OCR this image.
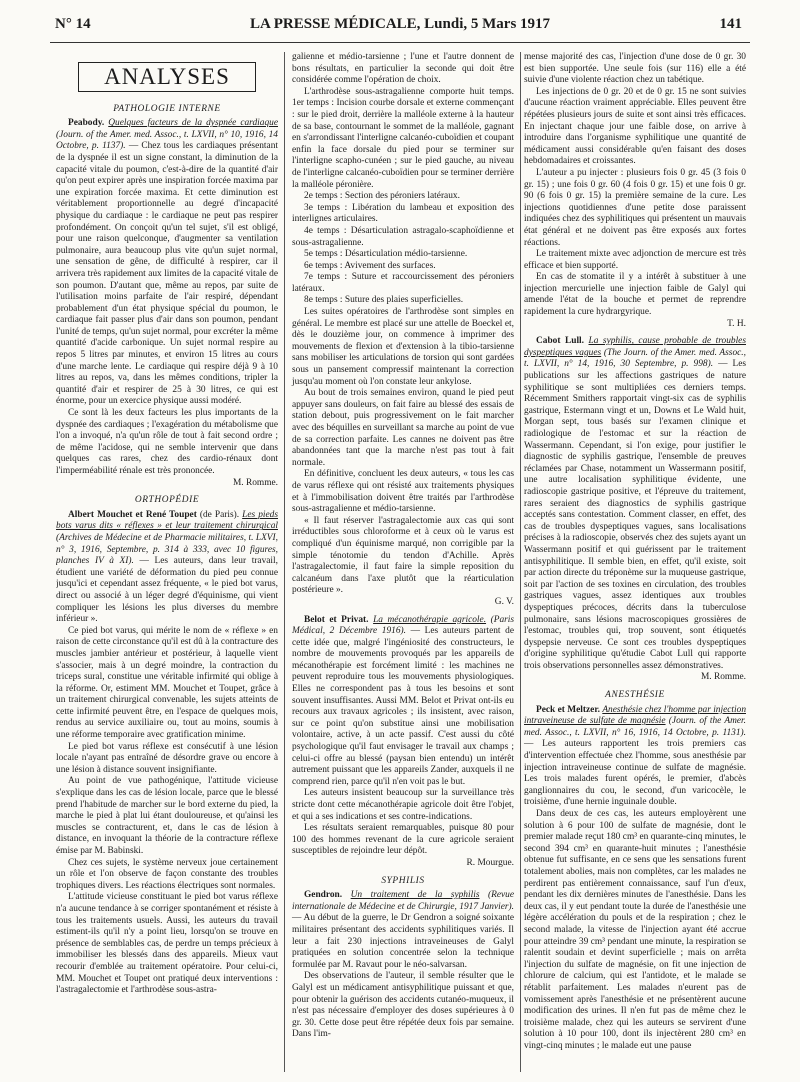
N° 14	LA PRESSE MÉDICALE, Lundi, 5 Mars 1917	141
ANALYSES
PATHOLOGIE INTERNE

Peabody. Quelques facteurs de la dyspnée cardiaque (Journ. of the Amer. med. Assoc., t. LXVII, n° 10, 1916, 14 Octobre, p. 1137). — Chez tous les cardiaques présentant de la dyspnée il est un signe constant, la diminution de la capacité vitale du poumon, c'est-à-dire de la quantité d'air qu'on peut expirer après une inspiration forcée maxima par une expiration forcée maxima. Et cette diminution est véritablement proportionnelle au degré d'incapacité physique du cardiaque : le cardiaque ne peut pas respirer profondément. On conçoit qu'un tel sujet, s'il est obligé, pour une raison quelconque, d'augmenter sa ventilation pulmonaire, aura beaucoup plus vite qu'un sujet normal, une sensation de gêne, de difficulté à respirer, car il arrivera très rapidement aux limites de la capacité vitale de son poumon. D'autant que, même au repos, par suite de l'utilisation moins parfaite de l'air respiré, dépendant probablement d'un état physique spécial du poumon, le cardiaque fait passer plus d'air dans son poumon, pendant l'unité de temps, qu'un sujet normal, pour excréter la même quantité d'acide carbonique. Un sujet normal respire au repos 5 litres par minutes, et environ 15 litres au cours d'une marche lente. Le cardiaque qui respire déjà 9 à 10 litres au repos, va, dans les mêmes conditions, tripler la quantité d'air et respirer de 25 à 30 litres, ce qui est énorme, pour un exercice physique aussi modéré.

Ce sont là les deux facteurs les plus importants de la dyspnée des cardiaques ; l'exagération du métabolisme que l'on a invoqué, n'a qu'un rôle de tout à fait second ordre ; de même l'acidose, qui ne semble intervenir que dans quelques cas rares, chez des cardio-rénaux dont l'imperméabilité rénale est très prononcée.

M. Romme.
ORTHOPÉDIE

Albert Mouchet et René Toupet (de Paris). Les pieds bots varus dits « réflexes » et leur traitement chirurgical (Archives de Médecine et de Pharmacie militaires, t. LXVI, n° 3, 1916, Septembre, p. 314 à 333, avec 10 figures, planches IV à XI). — Les auteurs, dans leur travail, étudient une variété de déformation du pied peu connue jusqu'ici et cependant assez fréquente, « le pied bot varus, direct ou associé à un léger degré d'équinisme, qui vient compliquer les lésions les plus diverses du membre inférieur ».

Ce pied bot varus, qui mérite le nom de « réflexe » en raison de cette circonstance qu'il est dû à la contracture des muscles jambier antérieur et postérieur, à laquelle vient s'associer, mais à un degré moindre, la contraction du triceps sural, constitue une véritable infirmité qui oblige à la réforme. Or, estiment MM. Mouchet et Toupet, grâce à un traitement chirurgical convenable, les sujets atteints de cette infirmité peuvent être, en l'espace de quelques mois, rendus au service auxiliaire ou, tout au moins, soumis à une réforme temporaire avec gratification minime.

Le pied bot varus réflexe est consécutif à une lésion locale n'ayant pas entraîné de désordre grave ou encore à une lésion à distance souvent insignifiante.

Au point de vue pathogénique, l'attitude vicieuse s'explique dans les cas de lésion locale, parce que le blessé prend l'habitude de marcher sur le bord externe du pied, la marche le pied à plat lui étant douloureuse, et qu'ainsi les muscles se contracturent, et, dans le cas de lésion à distance, en invoquant la théorie de la contracture réflexe émise par M. Babinski.

Chez ces sujets, le système nerveux joue certainement un rôle et l'on observe de façon constante des troubles trophiques divers. Les réactions électriques sont normales.

L'attitude vicieuse constituant le pied bot varus réflexe n'a aucune tendance à se corriger spontanément et résiste à tous les traitements usuels. Aussi, les auteurs du travail estiment-ils qu'il n'y a point lieu, lorsqu'on se trouve en présence de semblables cas, de perdre un temps précieux à immobiliser les blessés dans des appareils. Mieux vaut recourir d'emblée au traitement opératoire. Pour celui-ci, MM. Mouchet et Toupet ont pratiqué deux interventions : l'astragalectomie et l'arthrodèse sous-astra-

galienne et médio-tarsienne ; l'une et l'autre donnent de bons résultats, en particulier la seconde qui doit être considérée comme l'opération de choix.

L'arthrodèse sous-astragalienne comporte huit temps. 1er temps : Incision courbe dorsale et externe commençant : sur le pied droit, derrière la malléole externe à la hauteur de sa base, contournant le sommet de la malléole, gagnant en s'arrondissant l'interligne calcanéo-cuboïdien et coupant enfin la face dorsale du pied pour se terminer sur l'interligne scapho-cunéen ; sur le pied gauche, au niveau de l'interligne calcanéo-cuboïdien pour se terminer derrière la malléole péronière.

2e temps : Section des péroniers latéraux.

3e temps : Libération du lambeau et exposition des interlignes articulaires.

4e temps : Désarticulation astragalo-scaphoïdienne et sous-astragalienne.

5e temps : Désarticulation médio-tarsienne.

6e temps : Avivement des surfaces.

7e temps : Suture et raccourcissement des péroniers latéraux.

8e temps : Suture des plaies superficielles.

Les suites opératoires de l'arthrodèse sont simples en général. Le membre est placé sur une attelle de Boeckel et, dès le douzième jour, on commence à imprimer des mouvements de flexion et d'extension à la tibio-tarsienne sans mobiliser les articulations de torsion qui sont gardées sous un pansement compressif maintenant la correction jusqu'au moment où l'on constate leur ankylose.

Au bout de trois semaines environ, quand le pied peut appuyer sans douleurs, on fait faire au blessé des essais de station debout, puis progressivement on le fait marcher avec des béquilles en surveillant sa marche au point de vue de sa correction parfaite. Les cannes ne doivent pas être abandonnées tant que la marche n'est pas tout à fait normale.

En définitive, concluent les deux auteurs, « tous les cas de varus réflexe qui ont résisté aux traitements physiques et à l'immobilisation doivent être traités par l'arthrodèse sous-astragalienne et médio-tarsienne.

« Il faut réserver l'astragalectomie aux cas qui sont irréductibles sous chloroforme et à ceux où le varus est compliqué d'un équinisme marqué, non corrigible par la simple ténotomie du tendon d'Achille. Après l'astragalectomie, il faut faire la simple reposition du calcanéum dans l'axe plutôt que la réarticulation postérieure ».

G. V.

Belot et Privat. La mécanothérapie agricole. (Paris Médical, 2 Décembre 1916). — Les auteurs partent de cette idée que, malgré l'ingéniosité des constructeurs, le nombre de mouvements provoqués par les appareils de mécanothérapie est forcément limité : les machines ne peuvent reproduire tous les mouvements physiologiques. Elles ne correspondent pas à tous les besoins et sont souvent insuffisantes. Aussi MM. Belot et Privat ont-ils eu recours aux travaux agricoles ; ils insistent, avec raison, sur ce point qu'on substitue ainsi une mobilisation volontaire, active, à un acte passif. C'est aussi du côté psychologique qu'il faut envisager le travail aux champs ; celui-ci offre au blessé (paysan bien entendu) un intérêt autrement puissant que les appareils Zander, auxquels il ne comprend rien, parce qu'il n'en voit pas le but.

Les auteurs insistent beaucoup sur la surveillance très stricte dont cette mécanothérapie agricole doit être l'objet, et qui a ses indications et ses contre-indications.

Les résultats seraient remarquables, puisque 80 pour 100 des hommes revenant de la cure agricole seraient susceptibles de rejoindre leur dépôt.

R. Mourgue.
SYPHILIS

Gendron. Un traitement de la syphilis (Revue internationale de Médecine et de Chirurgie, 1917 Janvier). — Au début de la guerre, le Dr Gendron a soigné soixante militaires présentant des accidents syphilitiques variés. Il leur a fait 230 injections intraveineuses de Galyl pratiquées en solution concentrée selon la technique formulée par M. Ravaut pour le néo-salvarsan.

Des observations de l'auteur, il semble résulter que le Galyl est un médicament antisyphilitique puissant et que, pour obtenir la guérison des accidents cutanéo-muqueux, il n'est pas nécessaire d'employer des doses supérieures à 0 gr. 30. Cette dose peut être répétée deux fois par semaine. Dans l'im-

mense majorité des cas, l'injection d'une dose de 0 gr. 30 est bien supportée. Une seule fois (sur 116) elle a été suivie d'une violente réaction chez un tabétique.

Les injections de 0 gr. 20 et de 0 gr. 15 ne sont suivies d'aucune réaction vraiment appréciable. Elles peuvent être répétées plusieurs jours de suite et sont ainsi très efficaces. En injectant chaque jour une faible dose, on arrive à introduire dans l'organisme syphilitique une quantité de médicament aussi considérable qu'en faisant des doses hebdomadaires et croissantes.

L'auteur a pu injecter : plusieurs fois 0 gr. 45 (3 fois 0 gr. 15) ; une fois 0 gr. 60 (4 fois 0 gr. 15) et une fois 0 gr. 90 (6 fois 0 gr. 15) la première semaine de la cure. Les injections quotidiennes d'une petite dose paraissent indiquées chez des syphilitiques qui présentent un mauvais état général et ne doivent pas être exposés aux fortes réactions.

Le traitement mixte avec adjonction de mercure est très efficace et bien supporté.

En cas de stomatite il y a intérêt à substituer à une injection mercurielle une injection faible de Galyl qui amende l'état de la bouche et permet de reprendre rapidement la cure hydrargyrique.

T. H.

Cabot Lull. La syphilis, cause probable de troubles dyspeptiques vagues (The Journ. of the Amer. med. Assoc., t. LXVII, n° 14, 1916, 30 Septembre, p. 998). — Les publications sur les affections gastriques de nature syphilitique se sont multipliées ces derniers temps. Récemment Smithers rapportait vingt-six cas de syphilis gastrique, Estermann vingt et un, Downs et Le Wald huit, Morgan sept, tous basés sur l'examen clinique et radiologique de l'estomac et sur la réaction de Wassermann. Cependant, si l'on exige, pour justifier le diagnostic de syphilis gastrique, l'ensemble de preuves réclamées par Chase, notamment un Wassermann positif, une autre localisation syphilitique évidente, une radioscopie gastrique positive, et l'épreuve du traitement, rares seraient des diagnostics de syphilis gastrique acceptés sans contestation. Comment classer, en effet, des cas de troubles dyspeptiques vagues, sans localisations précises à la radioscopie, observés chez des sujets ayant un Wassermann positif et qui guérissent par le traitement antisyphilitique. Il semble bien, en effet, qu'il existe, soit par action directe du tréponème sur la muqueuse gastrique, soit par l'action de ses toxines en circulation, des troubles gastriques vagues, assez identiques aux troubles dyspeptiques précoces, décrits dans la tuberculose pulmonaire, sans lésions macroscopiques grossières de l'estomac, troubles qui, trop souvent, sont étiquetés dyspepsie nerveuse. Ce sont ces troubles dyspeptiques d'origine syphilitique qu'étudie Cabot Lull qui rapporte trois observations personnelles assez démonstratives.

M. Romme.
ANESTHÉSIE

Peck et Meltzer. Anesthésie chez l'homme par injection intraveineuse de sulfate de magnésie (Journ. of the Amer. med. Assoc., t. LXVII, n° 16, 1916, 14 Octobre, p. 1131). — Les auteurs rapportent les trois premiers cas d'intervention effectuée chez l'homme, sous anesthésie par injection intraveineuse continue de sulfate de magnésie. Les trois malades furent opérés, le premier, d'abcès ganglionnaires du cou, le second, d'un varicocèle, le troisième, d'une hernie inguinale double.

Dans deux de ces cas, les auteurs employèrent une solution à 6 pour 100 de sulfate de magnésie, dont le premier malade reçut 180 cm³ en quarante-cinq minutes, le second 394 cm³ en quarante-huit minutes ; l'anesthésie obtenue fut suffisante, en ce sens que les sensations furent totalement abolies, mais non complètes, car les malades ne perdirent pas entièrement connaissance, sauf l'un d'eux, pendant les dix dernières minutes de l'anesthésie. Dans les deux cas, il y eut pendant toute la durée de l'anesthésie une légère accélération du pouls et de la respiration ; chez le second malade, la vitesse de l'injection ayant été accrue pour atteindre 39 cm³ pendant une minute, la respiration se ralentit soudain et devint superficielle ; mais on arrêta l'injection du sulfate de magnésie, on fit une injection de chlorure de calcium, qui est l'antidote, et le malade se rétablit parfaitement. Les malades n'eurent pas de vomissement après l'anesthésie et ne présentèrent aucune modification des urines. Il n'en fut pas de même chez le troisième malade, chez qui les auteurs se servirent d'une solution à 10 pour 100, dont ils injectèrent 280 cm³ en vingt-cinq minutes ; le malade eut une pause
